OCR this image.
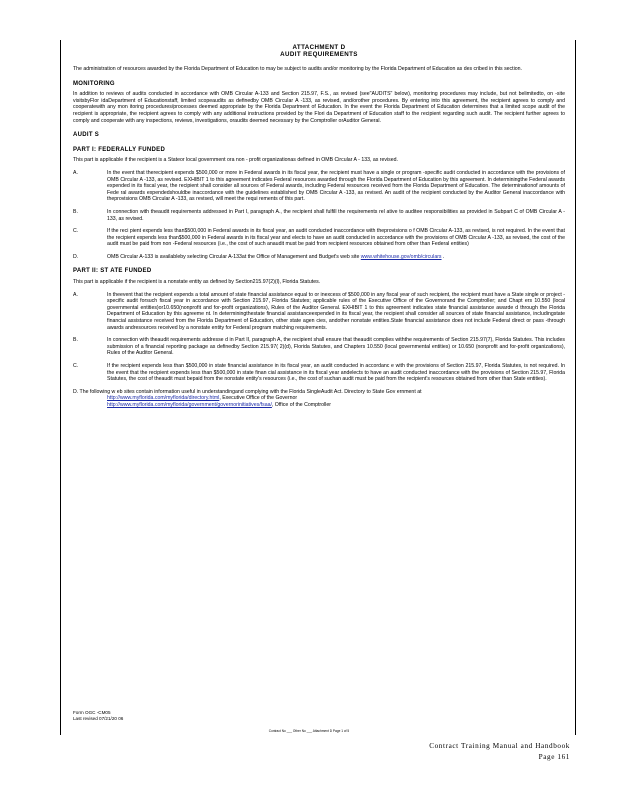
ATTACHMENT D
AUDIT REQUIREMENTS

The administration of resources awarded by the Florida Department of Education to may be subject to audits and/or monitoring by the Florida Department of Education as des cribed in this section.

MONITORING

In addition to reviews of audits conducted in accordance with OMB Circular A-133 and Section 215.97, F.S., as revised (see"AUDITS" below), monitoring procedures may include, but not belimitedto, on -site visitsbyFlor idaDepartment of Educationstaff, limited scopeaudits as definedby OMB Circular A -133, as revised, and/orother procedures. By entering into this agreement, the recipient agrees to comply and cooperatewith any mon itoring procedures/processes deemed appropriate by the Florida Department of Education. In the event the Florida Department of Education determines that a limited scope audit of the recipient is appropriate, the recipient agrees to comply with any additional instructions provided by the Flori da Department of Education staff to the recipient regarding such audit. The recipient further agrees to comply and cooperate with any inspections, reviews, investigations, oraudits deemed necessary by the Comptroller orAuditor General.

AUDIT S
PART I: FEDERALLY FUNDED

This part is applicable if the recipient is a Stateor local government ora non - profit organizationas defined in OMB Circular A - 133, as revised.

A.	In the event that therecipient expends $500,000 or more in Federal awards in its fiscal year, the recipient must have a single or program -specific audit conducted in accordance with the provisions of OMB Circular A -133, as revised. EXHIBIT 1 to this agreement indicates Federal resources awarded through the Florida Department of Education by this agreement. In determiningthe Federal awards expended in its fiscal year, the recipient shall consider all sources of Federal awards, including Federal resources received from the Florida Department of Education. The determinationof amounts of Fede ral awards expendedshouldbe inaccordance with the guidelines established by OMB Circular A -133, as revised. An audit of the recipient conducted by the Auditor General inaccordance with theprovisions OMB Circular A -133, as revised, will meet the requi rements of this part.
B.	In connection with theaudit requirements addressed in Part I, paragraph A., the recipient shall fulfill the requirements rel ative to auditee responsibilities as provided in Subpart C of OMB Circular A - 133, as revised.
C.	If the reci pient expends less than$500,000 in Federal awards in its fiscal year, an audit conducted inaccordance with theprovisions o f OMB Circular A-133, as revised, is not required. In the event that the recipient expends less than$500,000 in Federal awards in its fiscal year and elects to have an audit conducted in accordance with the provisions of OMB Circular A -133, as revised, the cost of the audit must be paid from non -Federal resources (i.e., the cost of such anaudit must be paid from recipient resources obtained from other than Federal entities)
D.	OMB Circular A-133 is availableby selecting Circular A-133at the Office of Management and Budget's web site www.whitehouse.gov/omb/circulars .
PART II: ST ATE FUNDED

This part is applicable if the recipient is a nonstate entity as defined by Section215.97(2)(l), Florida Statutes.

A.	In theevent that the recipient expends a total amount of state financial assistance equal to or inexcess of $500,000 in any fiscal year of such recipient, the recipient must have a State single or project -specific audit forsuch fiscal year in accordance with Section 215.97, Florida Statutes; applicable rules of the Executive Office of the Governorand the Comptroller; and Chapt ers 10.550 (local governmental entities)or10.650(nonprofit and for-profit organizations), Rules of the Auditor General. EXHIBIT 1 to this agreement indicates state financial assistance awarde d through the Florida Department of Education by this agreeme nt. In determiningthestate financial assistanceexpended in its fiscal year, the recipient shall consider all sources of state financial assistance, includingstate financial assistance received from the Florida Department of Education, other state agen cies, andother nonstate entities.State financial assistance does not include Federal direct or pass -through awards andresources received by a nonstate entity for Federal program matching requirements.
B.	In connection with theaudit requirements addresse d in Part II, paragraph A, the recipient shall ensure that theaudit complies withthe requirements of Section 215.97(7), Florida Statutes. This includes submission of a financial reporting package as definedby Section 215.97( 2)(d), Florida Statutes, and Chapters 10.550 (local governmental entities) or 10.650 (nonprofit and for-profit organizations), Rules of the Auditor General.
C.	If the recipient expends less than $500,000 in state financial assistance in its fiscal year, an audit conducted in accordanc e with the provisions of Section 215.97, Florida Statutes, is not required. In the event that the recipient expends less than $500,000 in state finan cial assistance in its fiscal year andelects to have an audit conducted inaccordance with the provisions of Section 215.97, Florida Statutes, the cost of theaudit must bepaid from the nonstate entity's resources (i.e., the cost of suchan audit must be paid from the recipient's resources obtained from other than State entities).
D. The following w eb sites contain information useful in understandingand complying with the Florida SingleAudit Act. Directory to State Gov ernment at
http://www.myflorida.com/myflorida/directory.html, Executive Office of the Governor
http://www.myflorida.com/myflorida/government/governorinitiatives/fsaa/, Office of the Comptroller
Form OGC -CM05
Last revised 07/21/20 06
Contract No ___ Other No ___ Attachment D Page 1 of 5
Contract Training Manual and Handbook
Page 161
